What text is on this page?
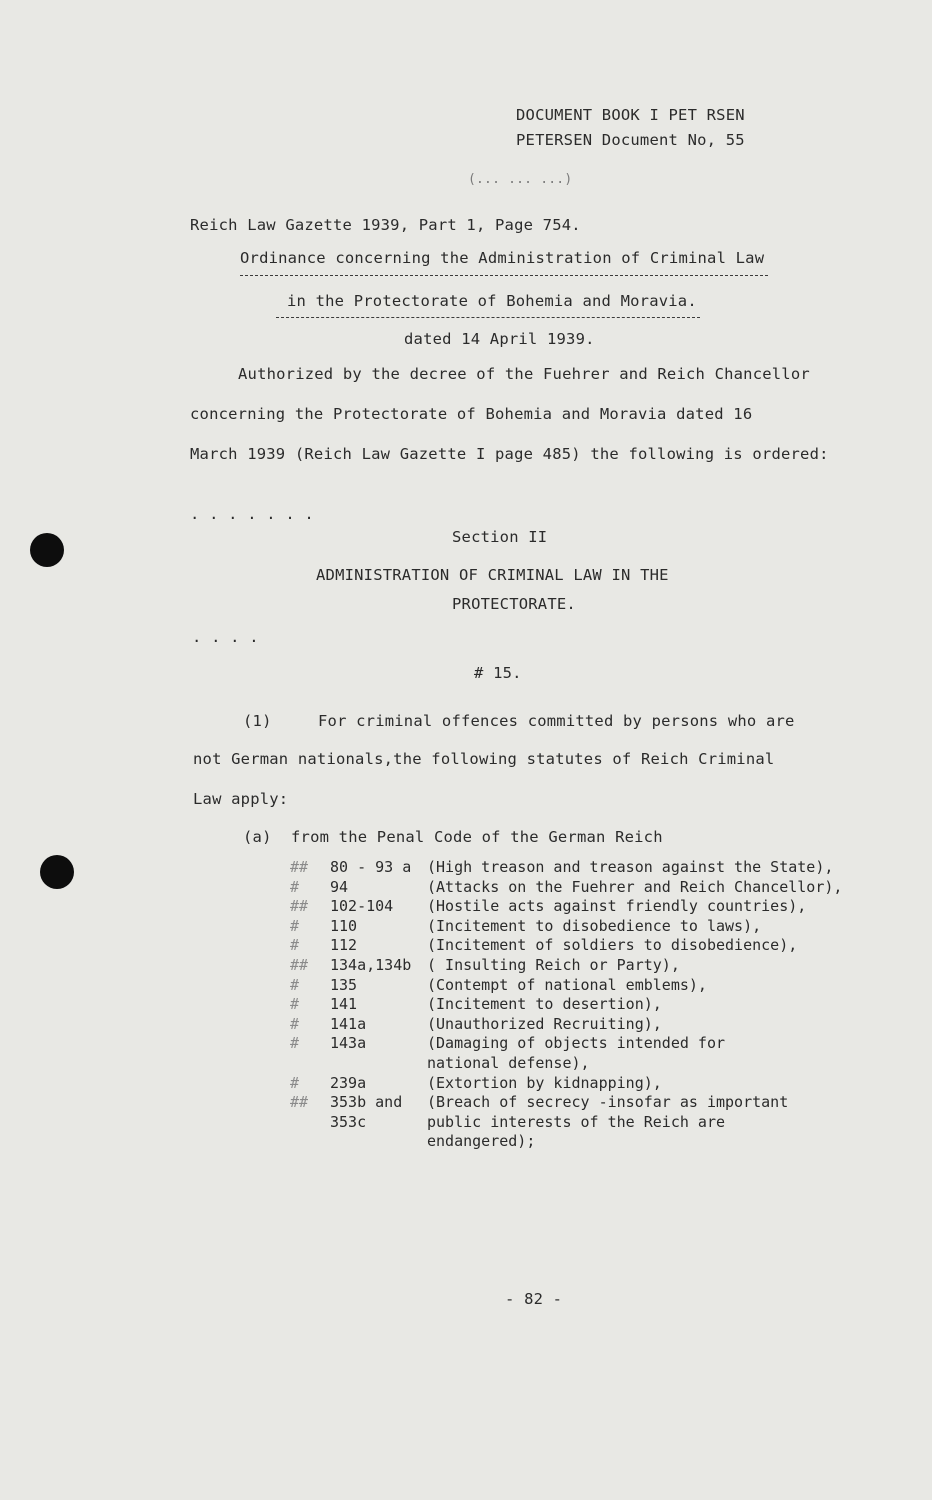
DOCUMENT BOOK I PET RSEN
PETERSEN Document No, 55
(... ... ...)
Reich Law Gazette 1939, Part 1, Page 754.
Ordinance concerning the Administration of Criminal Law
in the Protectorate of Bohemia and Moravia.
dated 14 April 1939.
Authorized by the decree of the Fuehrer and Reich Chancellor
concerning the Protectorate of Bohemia and Moravia dated 16
March 1939 (Reich Law Gazette I page 485) the following is ordered:
. . . . . . .
Section II
ADMINISTRATION OF CRIMINAL LAW IN THE
PROTECTORATE.
. . . .
# 15.
(1)	For criminal offences committed by persons who are
not German nationals,the following statutes of Reich Criminal
Law apply:
(a) from the Penal Code of the German Reich
##	80 - 93 a	(High treason and treason against the State),
#	94	(Attacks on the Fuehrer and Reich Chancellor),
##	102-104	(Hostile acts against friendly countries),
#	110	(Incitement to disobedience to laws),
#	112	(Incitement of soldiers to disobedience),
##	134a,134b	( Insulting Reich or Party),
#	135	(Contempt of national emblems),
#	141	(Incitement to desertion),
#	141a	(Unauthorized Recruiting),
#	143a	(Damaging of objects intended for
national defense),
#	239a	(Extortion by kidnapping),
##	353b and	(Breach of secrecy -insofar as important
353c	public interests of the Reich are
endangered);
- 82 -
